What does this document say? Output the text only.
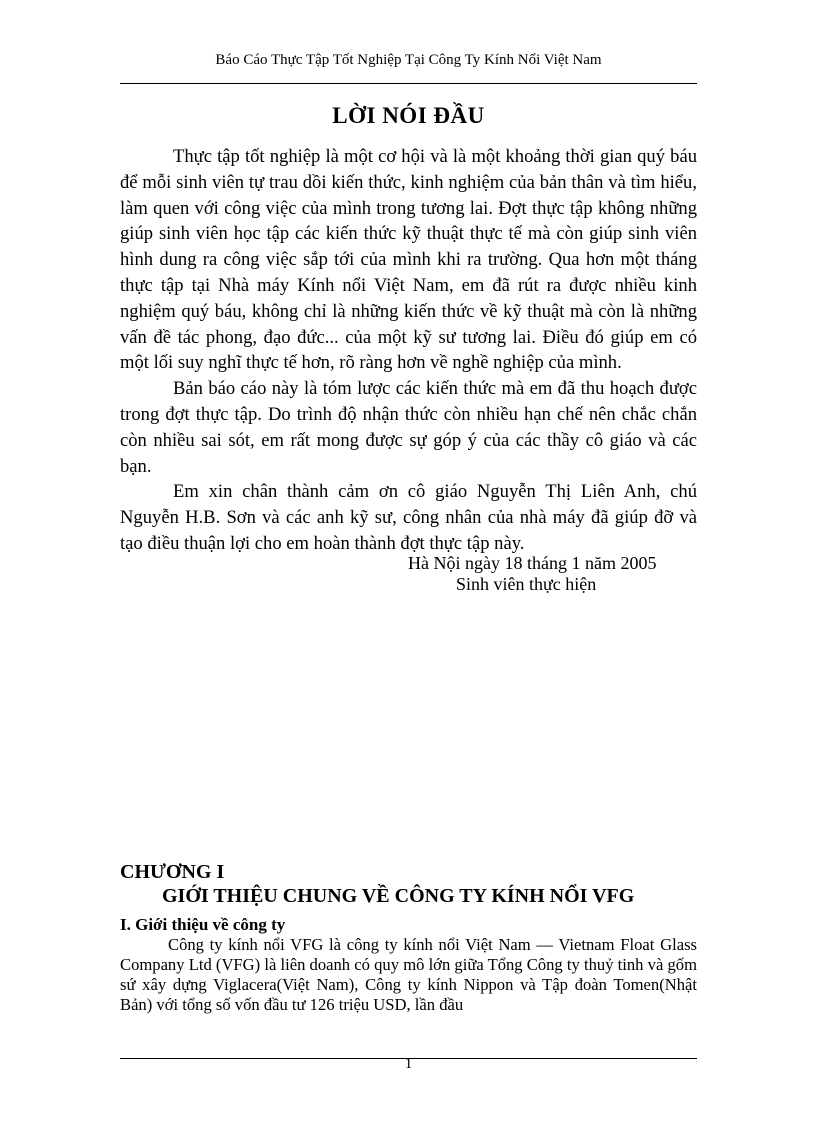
Báo Cáo Thực Tập Tốt Nghiệp Tại Công Ty Kính Nổi Việt Nam
LỜI NÓI ĐẦU

Thực tập tốt nghiệp là một cơ hội và là một khoảng thời gian quý báu để mỗi sinh viên tự trau dồi kiến thức, kinh nghiệm của bản thân và tìm hiểu, làm quen với công việc của mình trong tương lai. Đợt thực tập không những giúp sinh viên học tập các kiến thức kỹ thuật thực tế mà còn giúp sinh viên hình dung ra công việc sắp tới của mình khi ra trường. Qua hơn một tháng thực tập tại Nhà máy Kính nổi Việt Nam, em đã rút ra được nhiều kinh nghiệm quý báu, không chỉ là những kiến thức về kỹ thuật mà còn là những vấn đề tác phong, đạo đức... của một kỹ sư tương lai. Điều đó giúp em có một lối suy nghĩ thực tế hơn, rõ ràng hơn về nghề nghiệp của mình.

Bản báo cáo này là tóm lược các kiến thức mà em đã thu hoạch được trong đợt thực tập. Do trình độ nhận thức còn nhiều hạn chế nên chắc chắn còn nhiều sai sót, em rất mong được sự góp ý của các thầy cô giáo và các bạn.

Em xin chân thành cảm ơn cô giáo Nguyễn Thị Liên Anh, chú Nguyễn H.B. Sơn và các anh kỹ sư, công nhân của nhà máy đã giúp đỡ và tạo điều thuận lợi cho em hoàn thành đợt thực tập này.

Hà Nội ngày 18 tháng 1 năm 2005
Sinh viên thực hiện
CHƯƠNG I
GIỚI THIỆU CHUNG VỀ CÔNG TY KÍNH NỔI VFG
I. Giới thiệu về công ty

Công ty kính nổi VFG là công ty kính nổi Việt Nam — Vietnam Float Glass Company Ltd (VFG) là liên doanh có quy mô lớn giữa Tổng Công ty thuỷ tinh và gốm sứ xây dựng Viglacera(Việt Nam), Công ty kính Nippon và Tập đoàn Tomen(Nhật Bản) với tổng số vốn đầu tư 126 triệu USD, lần đầu

1
